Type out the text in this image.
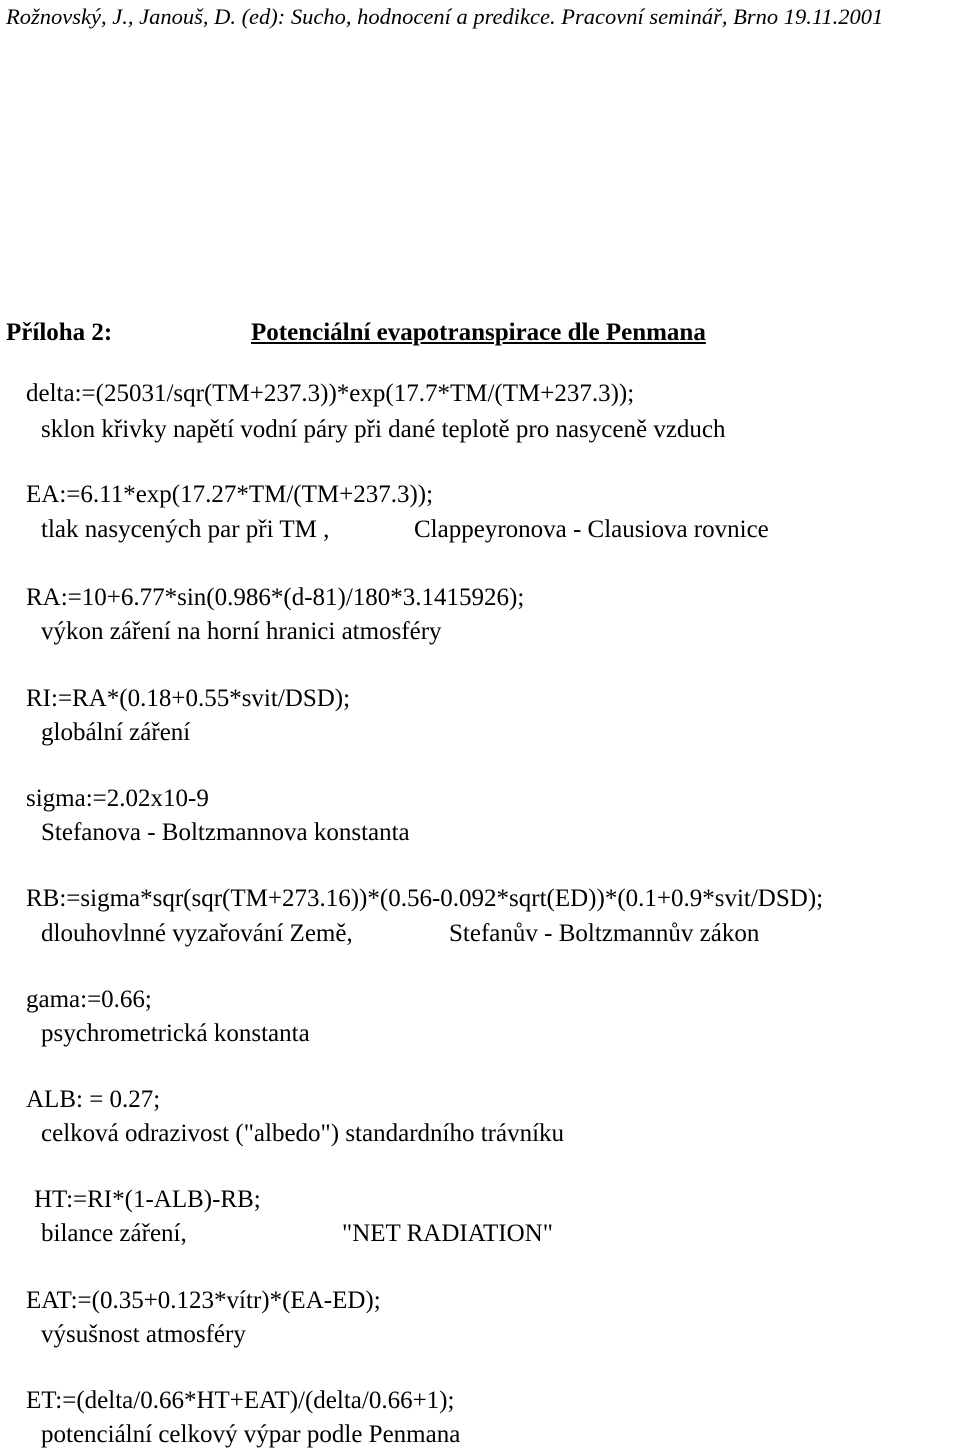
Rožnovský, J., Janouš, D. (ed): Sucho, hodnocení a predikce. Pracovní seminář, Brno 19.11.2001
Příloha 2:	Potenciální evapotranspirace dle Penmana
delta:=(25031/sqr(TM+237.3))*exp(17.7*TM/(TM+237.3));
sklon křivky napětí vodní páry při dané teplotě pro nasyceně vzduch
EA:=6.11*exp(17.27*TM/(TM+237.3));
tlak nasycených par při TM ,	Clappeyronova - Clausiova rovnice
RA:=10+6.77*sin(0.986*(d-81)/180*3.1415926);
výkon záření na horní hranici atmosféry
RI:=RA*(0.18+0.55*svit/DSD);
globální záření
sigma:=2.02x10-9
Stefanova - Boltzmannova konstanta
RB:=sigma*sqr(sqr(TM+273.16))*(0.56-0.092*sqrt(ED))*(0.1+0.9*svit/DSD);
dlouhovlnné vyzařování Země,	Stefanův - Boltzmannův zákon
gama:=0.66;
psychrometrická konstanta
ALB: = 0.27;
celková odrazivost ("albedo") standardního trávníku
HT:=RI*(1-ALB)-RB;
bilance záření,	"NET RADIATION"
EAT:=(0.35+0.123*vítr)*(EA-ED);
výsušnost atmosféry
ET:=(delta/0.66*HT+EAT)/(delta/0.66+1);
potenciální celkový výpar podle Penmana
